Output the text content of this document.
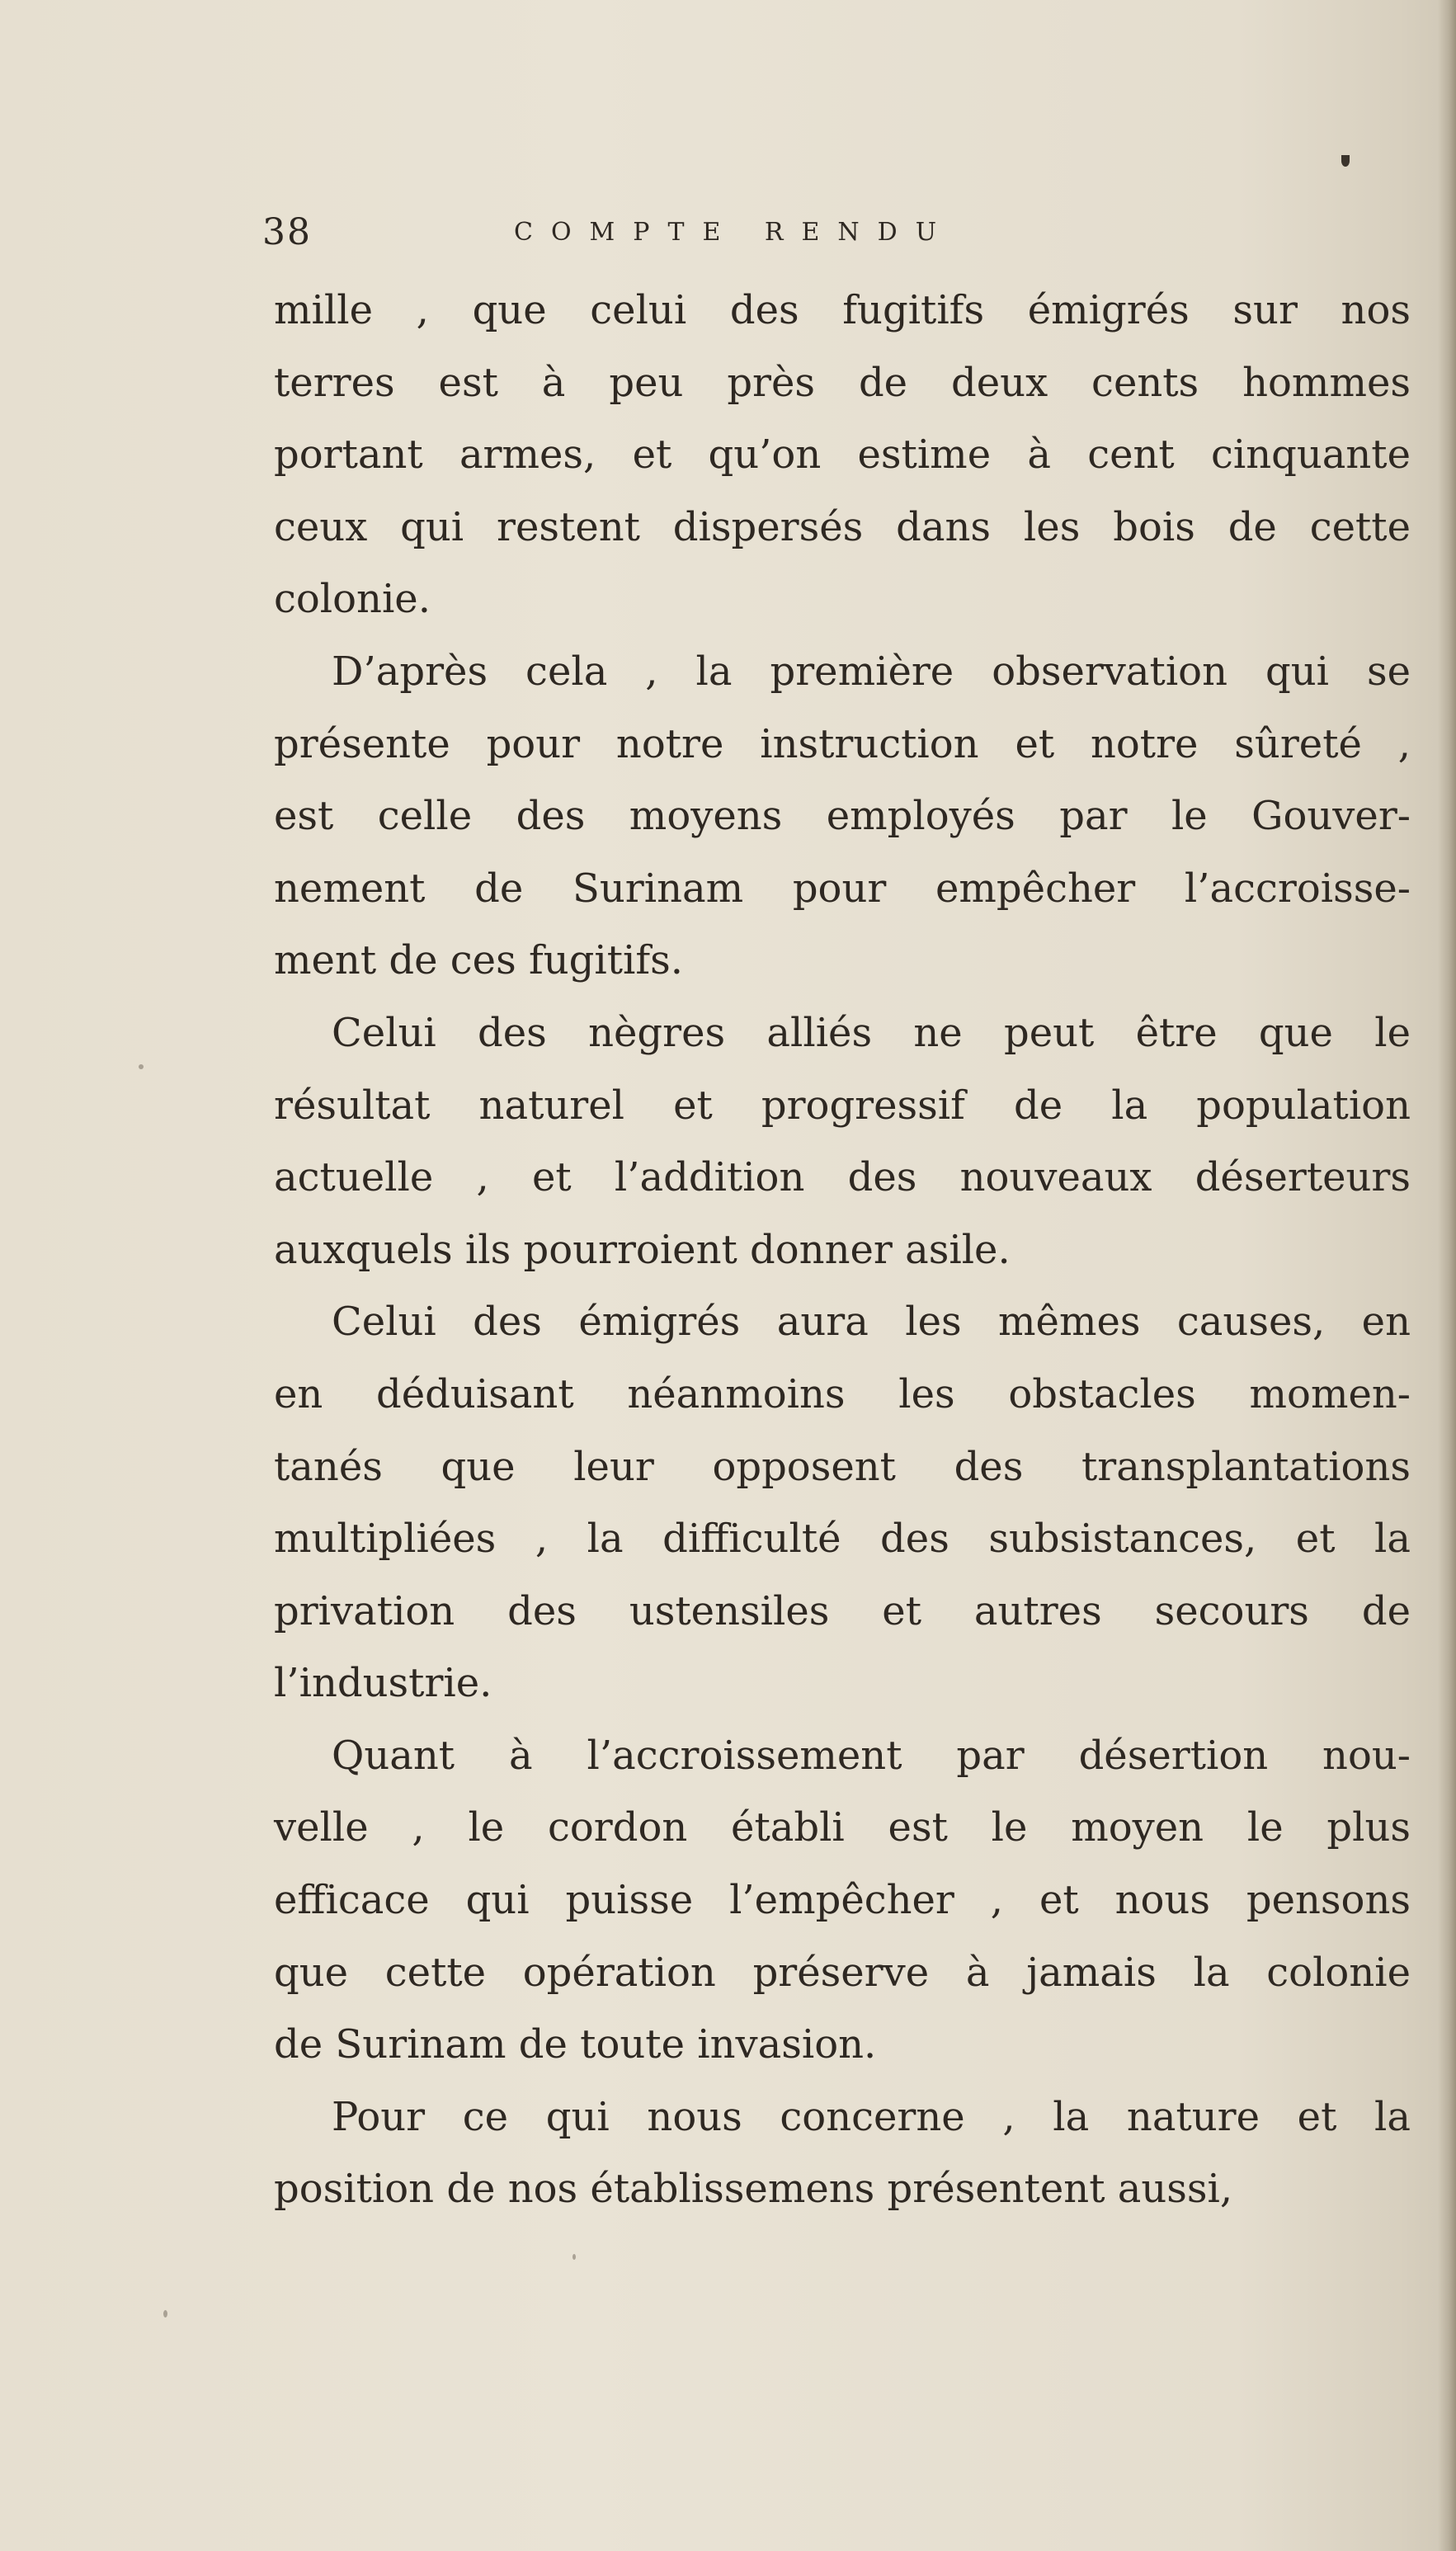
38	COMPTE RENDU

mille , que celui des fugitifs émigrés sur nos
terres est à peu près de deux cents hommes
portant armes, et qu’on estime à cent cinquante
ceux qui restent dispersés dans les bois de cette
colonie.

D’après cela , la première observation qui se
présente pour notre instruction et notre sûreté ,
est celle des moyens employés par le Gouver-
nement de Surinam pour empêcher l’accroisse-
ment de ces fugitifs.

Celui des nègres alliés ne peut être que le
résultat naturel et progressif de la population
actuelle , et l’addition des nouveaux déserteurs
auxquels ils pourroient donner asile.

Celui des émigrés aura les mêmes causes, en
en déduisant néanmoins les obstacles momen-
tanés que leur opposent des transplantations
multipliées , la difficulté des subsistances, et la
privation des ustensiles et autres secours de
l’industrie.

Quant à l’accroissement par désertion nou-
velle , le cordon établi est le moyen le plus
efficace qui puisse l’empêcher , et nous pensons
que cette opération préserve à jamais la colonie
de Surinam de toute invasion.

Pour ce qui nous concerne , la nature et la
position de nos établissemens présentent aussi,
